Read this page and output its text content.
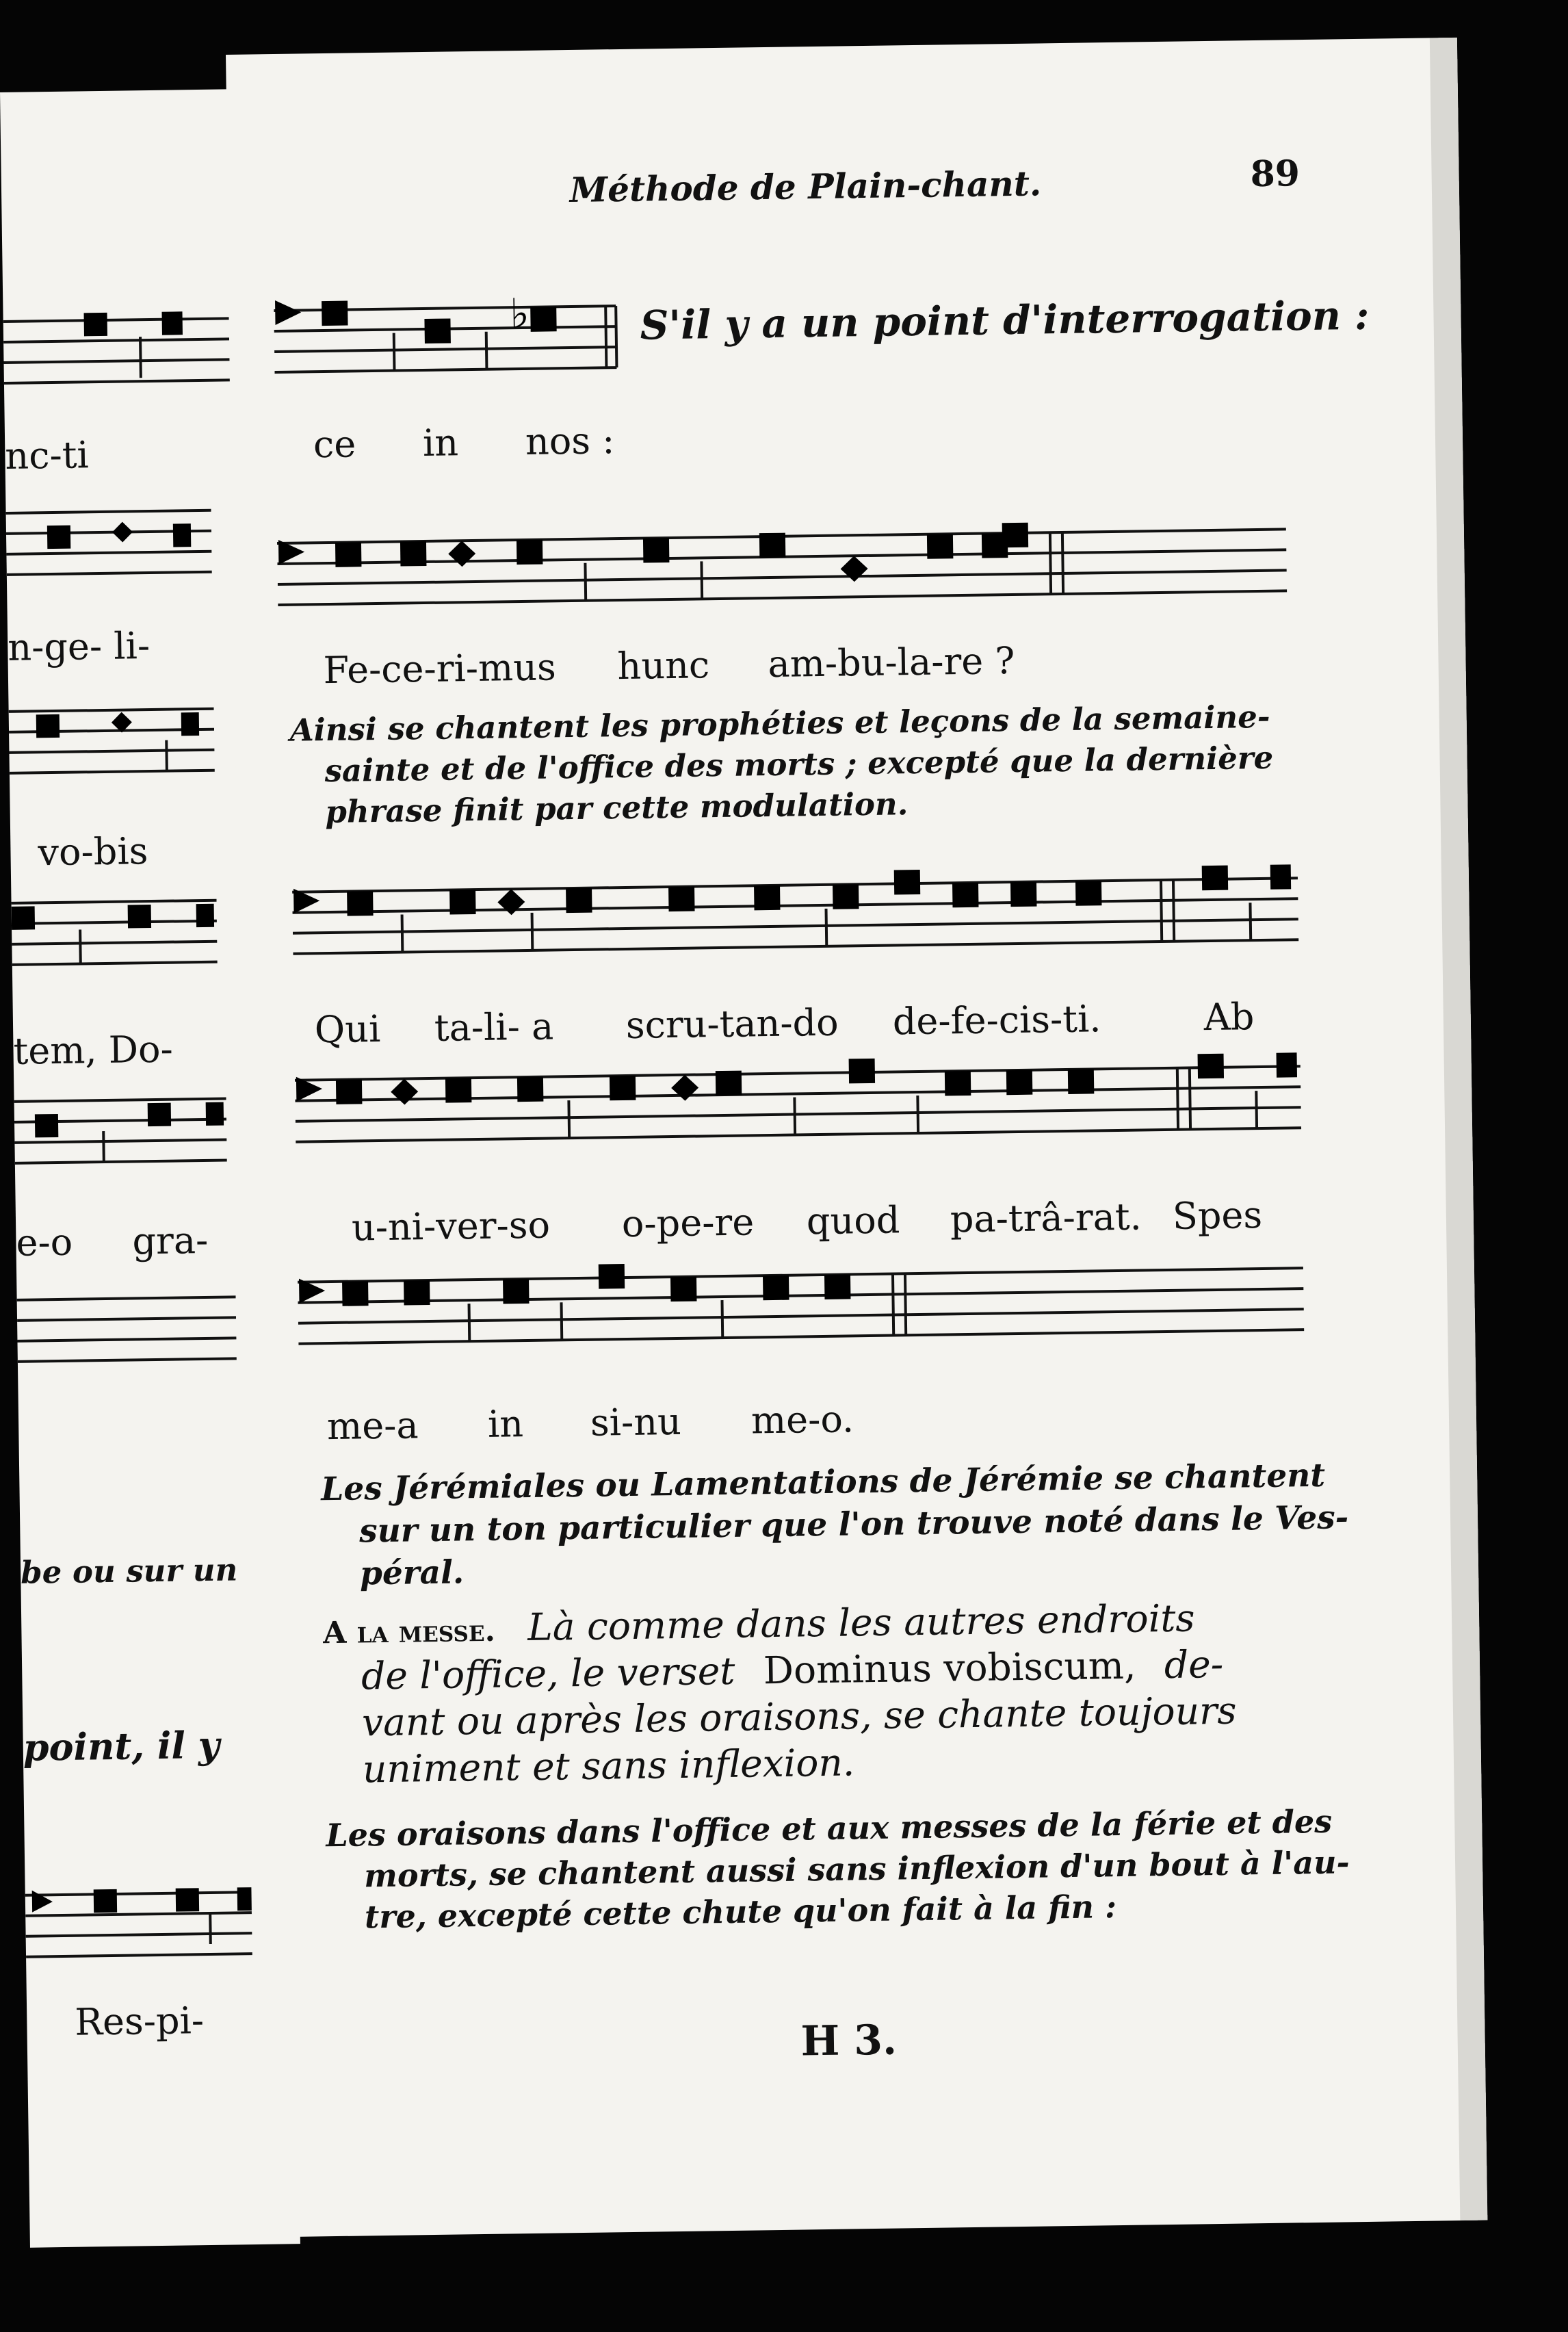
nc-ti
n-ge- li-
vo-bis
tem, Do-
e-o gra-
be ou sur un
point, il y
Res-pi-
Méthode de Plain-chant.	89
♭	S'il y a un point d'interrogation :
ce in nos :
Fe-ce-ri-mus hunc am-bu-la-re ?
Ainsi se chantent les prophéties et leçons de la semaine-
sainte et de l'office des morts ; excepté que la dernière
phrase finit par cette modulation.
Qui ta-li- a scru-tan-do de-fe-cis-ti.	Ab
u-ni-ver-so o-pe-re quod pa-trâ-rat. Spes
me-a in si-nu me-o.
Les Jérémiales ou Lamentations de Jérémie se chantent
sur un ton particulier que l'on trouve noté dans le Ves-
péral.
A la messe. Là comme dans les autres endroits
de l'office, le verset Dominus vobiscum, de-
vant ou après les oraisons, se chante toujours
uniment et sans inflexion.
Les oraisons dans l'office et aux messes de la férie et des
morts, se chantent aussi sans inflexion d'un bout à l'au-
tre, excepté cette chute qu'on fait à la fin :
H 3.
